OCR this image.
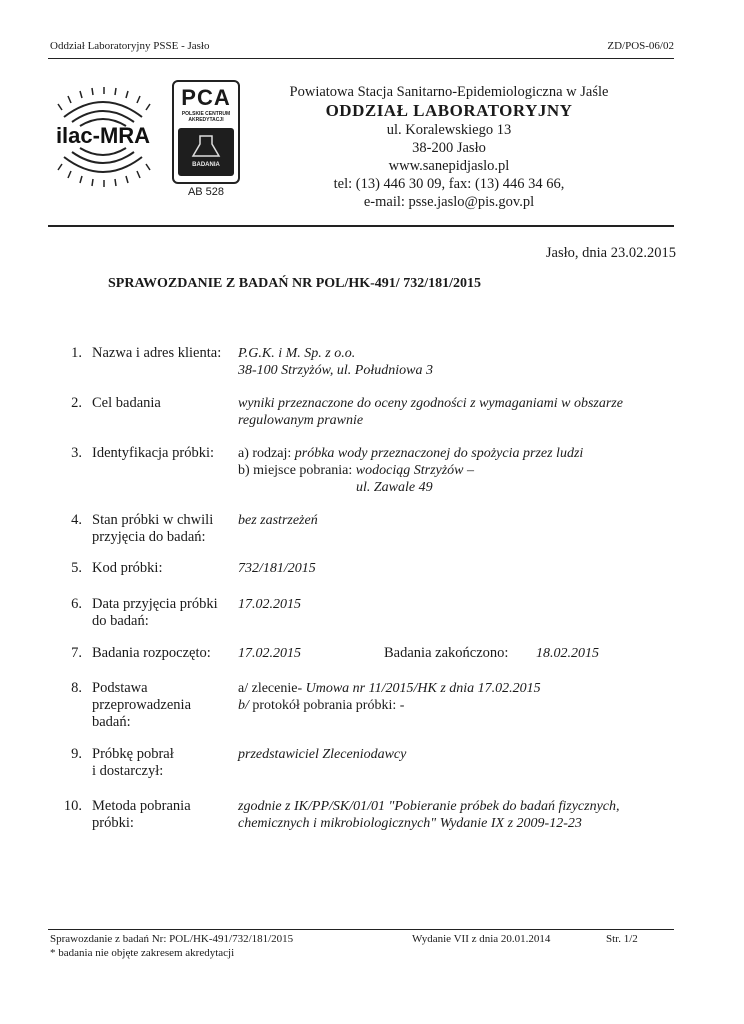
Oddział Laboratoryjny PSSE - Jasło	ZD/POS-06/02
ilac-MRA
PCA
POLSKIE CENTRUM
AKREDYTACJI
BADANIA
AB 528
Powiatowa Stacja Sanitarno-Epidemiologiczna w Jaśle
ODDZIAŁ LABORATORYJNY
ul. Koralewskiego 13
38-200 Jasło
www.sanepidjaslo.pl
tel: (13) 446 30 09, fax: (13) 446 34 66,
e-mail: psse.jaslo@pis.gov.pl
Jasło, dnia 23.02.2015
SPRAWOZDANIE Z BADAŃ NR POL/HK-491/ 732/181/2015
1. Nazwa i adres klienta: P.G.K. i M. Sp. z o.o.
38-100 Strzyżów, ul. Południowa 3
2. Cel badania	wyniki przeznaczone do oceny zgodności z wymaganiami w obszarze
regulowanym prawnie
3. Identyfikacja próbki: a) rodzaj: próbka wody przeznaczonej do spożycia przez ludzi
b) miejsce pobrania: wodociąg Strzyżów –
ul. Zawale 49
4. Stan próbki w chwili
przyjęcia do badań:
bez zastrzeżeń
5. Kod próbki:	732/181/2015
6. Data przyjęcia próbki
do badań:
17.02.2015
7. Badania rozpoczęto: 17.02.2015	Badania zakończono: 18.02.2015
8. Podstawa
przeprowadzenia
badań:
a/ zlecenie- Umowa nr 11/2015/HK z dnia 17.02.2015
b/ protokół pobrania próbki: -
9. Próbkę pobrał
i dostarczył:
przedstawiciel Zleceniodawcy
10. Metoda pobrania
próbki:
zgodnie z IK/PP/SK/01/01 "Pobieranie próbek do badań fizycznych,
chemicznych i mikrobiologicznych" Wydanie IX z 2009-12-23
Sprawozdanie z badań Nr: POL/HK-491/732/181/2015	Wydanie VII z dnia 20.01.2014	Str. 1/2
* badania nie objęte zakresem akredytacji
